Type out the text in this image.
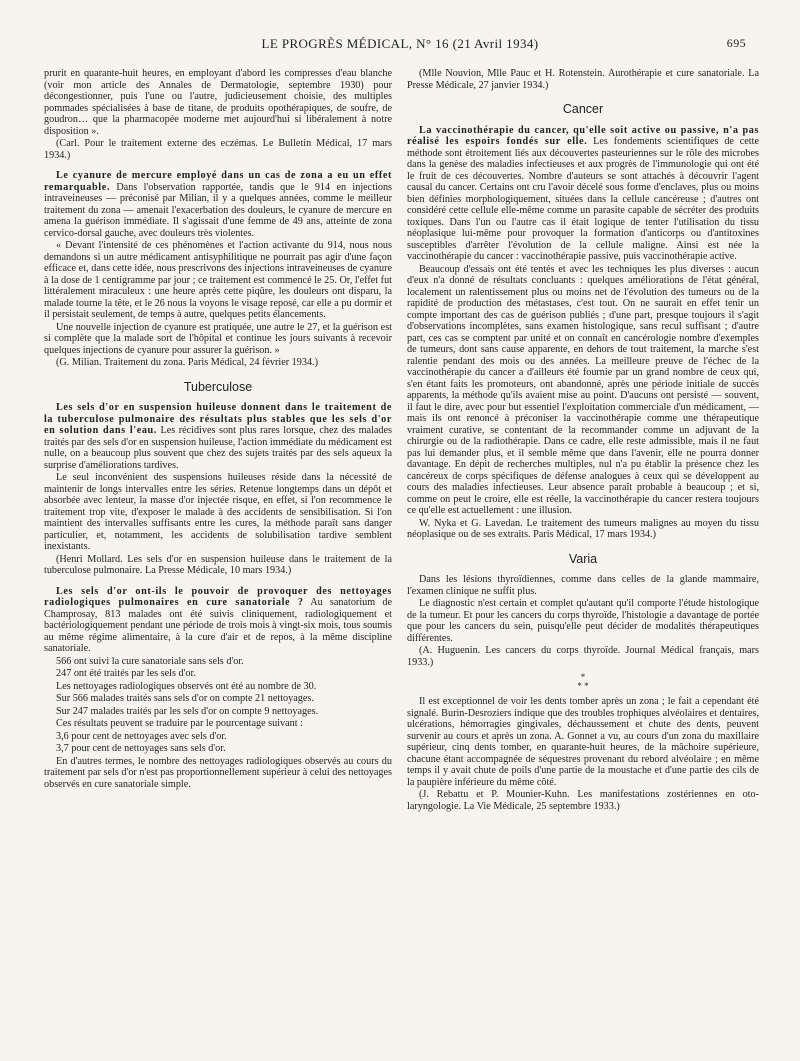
LE PROGRÈS MÉDICAL, N° 16 (21 Avril 1934)	695

prurit en quarante-huit heures, en employant d'abord les compresses d'eau blanche (voir mon article des Annales de Dermatologie, septembre 1930) pour décongestionner, puis l'une ou l'autre, judicieusement choisie, des multiples pommades spécialisées à base de titane, de produits opothérapiques, de soufre, de goudron… que la pharmacopée moderne met aujourd'hui si libéralement à notre disposition ».

(Carl. Pour le traitement externe des eczémas. Le Bulletin Médical, 17 mars 1934.)

Le cyanure de mercure employé dans un cas de zona a eu un effet remarquable. Dans l'observation rapportée, tandis que le 914 en injections intraveineuses — préconisé par Milian, il y a quelques années, comme le meilleur traitement du zona — amenait l'exacerbation des douleurs, le cyanure de mercure en amena la guérison immédiate. Il s'agissait d'une femme de 49 ans, atteinte de zona cervico-dorsal gauche, avec douleurs très violentes.

« Devant l'intensité de ces phénomènes et l'action activante du 914, nous nous demandons si un autre médicament antisyphilitique ne pourrait pas agir d'une façon efficace et, dans cette idée, nous prescrivons des injections intraveineuses de cyanure à la dose de 1 centigramme par jour ; ce traitement est commencé le 25. Or, l'effet fut littéralement miraculeux : une heure après cette piqûre, les douleurs ont disparu, la malade tourne la tête, et le 26 nous la voyons le visage reposé, car elle a pu dormir et il persistait seulement, de temps à autre, quelques petits élancements.

Une nouvelle injection de cyanure est pratiquée, une autre le 27, et la guérison est si complète que la malade sort de l'hôpital et continue les jours suivants à recevoir quelques injections de cyanure pour assurer la guérison. »

(G. Milian. Traitement du zona. Paris Médical, 24 février 1934.)

Tuberculose

Les sels d'or en suspension huileuse donnent dans le traitement de la tuberculose pulmonaire des résultats plus stables que les sels d'or en solution dans l'eau. Les récidives sont plus rares lorsque, chez des malades traités par des sels d'or en suspension huileuse, l'action immédiate du médicament est nulle, on a beaucoup plus souvent que chez des sujets traités par des sels aqueux la surprise d'améliorations tardives.

Le seul inconvénient des suspensions huileuses réside dans la nécessité de maintenir de longs intervalles entre les séries. Retenue longtemps dans un dépôt et absorbée avec lenteur, la masse d'or injectée risque, en effet, si l'on recommence le traitement trop vite, d'exposer le malade à des accidents de sensibilisation. Si l'on maintient des intervalles suffisants entre les cures, la méthode paraît sans danger particulier, et, notamment, les accidents de solubilisation tardive semblent inexistants.

(Henri Mollard. Les sels d'or en suspension huileuse dans le traitement de la tuberculose pulmonaire. La Presse Médicale, 10 mars 1934.)

Les sels d'or ont-ils le pouvoir de provoquer des nettoyages radiologiques pulmonaires en cure sanatoriale ? Au sanatorium de Champrosay, 813 malades ont été suivis cliniquement, radiologiquement et bactériologiquement pendant une période de trois mois à vingt-six mois, tous soumis au même régime alimentaire, à la cure d'air et de repos, à la même discipline sanatoriale.

566 ont suivi la cure sanatoriale sans sels d'or.

247 ont été traités par les sels d'or.

Les nettoyages radiologiques observés ont été au nombre de 30.

Sur 566 malades traités sans sels d'or on compte 21 nettoyages.

Sur 247 malades traités par les sels d'or on compte 9 nettoyages.

Ces résultats peuvent se traduire par le pourcentage suivant :

3,6 pour cent de nettoyages avec sels d'or.

3,7 pour cent de nettoyages sans sels d'or.

En d'autres termes, le nombre des nettoyages radiologiques observés au cours du traitement par sels d'or n'est pas proportionnellement supérieur à celui des nettoyages observés en cure sanatoriale simple.

(Mlle Nouvion, Mlle Pauc et H. Rotenstein. Aurothérapie et cure sanatoriale. La Presse Médicale, 27 janvier 1934.)

Cancer

La vaccinothérapie du cancer, qu'elle soit active ou passive, n'a pas réalisé les espoirs fondés sur elle. Les fondements scientifiques de cette méthode sont étroitement liés aux découvertes pasteuriennes sur le rôle des microbes dans la genèse des maladies infectieuses et aux progrès de l'immunologie qui ont été le fruit de ces découvertes. Nombre d'auteurs se sont attachés à découvrir l'agent causal du cancer. Certains ont cru l'avoir décelé sous forme d'enclaves, plus ou moins bien définies morphologiquement, situées dans la cellule cancéreuse ; d'autres ont considéré cette cellule elle-même comme un parasite capable de sécréter des produits toxiques. Dans l'un ou l'autre cas il était logique de tenter l'utilisation du tissu néoplasique lui-même pour provoquer la formation d'anticorps ou d'antitoxines susceptibles d'arrêter l'évolution de la cellule maligne. Ainsi est née la vaccinothérapie du cancer : vaccinothérapie passive, puis vaccinothérapie active.

Beaucoup d'essais ont été tentés et avec les techniques les plus diverses : aucun d'eux n'a donné de résultats concluants : quelques améliorations de l'état général, localement un ralentissement plus ou moins net de l'évolution des tumeurs ou de la rapidité de production des métastases, c'est tout. On ne saurait en effet tenir un compte important des cas de guérison publiés ; d'une part, presque toujours il s'agit d'observations incomplètes, sans examen histologique, sans recul suffisant ; d'autre part, ces cas se comptent par unité et on connaît en cancérologie nombre d'exemples de tumeurs, dont sans cause apparente, en dehors de tout traitement, la marche s'est ralentie pendant des mois ou des années. La meilleure preuve de l'échec de la vaccinothérapie du cancer a d'ailleurs été fournie par un grand nombre de ceux qui, s'en étant faits les promoteurs, ont abandonné, après une période initiale de succès apparents, la méthode qu'ils avaient mise au point. D'aucuns ont persisté — souvent, il faut le dire, avec pour but essentiel l'exploitation commerciale d'un médicament, — mais ils ont renoncé à préconiser la vaccinothérapie comme une thérapeutique vraiment curative, se contentant de la recommander comme un adjuvant de la chirurgie ou de la radiothérapie. Dans ce cadre, elle reste admissible, mais il ne faut pas lui demander plus, et il semble même que dans l'avenir, elle ne pourra donner davantage. En dépit de recherches multiples, nul n'a pu établir la présence chez les cancéreux de corps spécifiques de défense analogues à ceux qui se développent au cours des maladies infectieuses. Leur absence paraît probable à beaucoup ; et si, comme on peut le croire, elle est réelle, la vaccinothérapie du cancer restera toujours ce qu'elle est actuellement : une illusion.

W. Nyka et G. Lavedan. Le traitement des tumeurs malignes au moyen du tissu néoplasique ou de ses extraits. Paris Médical, 17 mars 1934.)

Varia

Dans les lésions thyroïdiennes, comme dans celles de la glande mammaire, l'examen clinique ne suffit plus.

Le diagnostic n'est certain et complet qu'autant qu'il comporte l'étude histologique de la tumeur. Et pour les cancers du corps thyroïde, l'histologie a davantage de portée que pour les cancers du sein, puisqu'elle peut décider de modalités thérapeutiques différentes.

(A. Huguenin. Les cancers du corps thyroïde. Journal Médical français, mars 1933.)

*
* *

Il est exceptionnel de voir les dents tomber après un zona ; le fait a cependant été signalé. Burin-Desroziers indique que des troubles trophiques alvéolaires et dentaires, ulcérations, hémorragies gingivales, déchaussement et chute des dents, peuvent survenir au cours et après un zona. A. Gonnet a vu, au cours d'un zona du maxillaire supérieur, cinq dents tomber, en quarante-huit heures, de la mâchoire supérieure, chacune étant accompagnée de séquestres provenant du rebord alvéolaire ; en même temps il y avait chute de poils d'une partie de la moustache et d'une partie des cils de la paupière inférieure du même côté.

(J. Rebattu et P. Mounier-Kuhn. Les manifestations zostériennes en oto-laryngologie. La Vie Médicale, 25 septembre 1933.)
